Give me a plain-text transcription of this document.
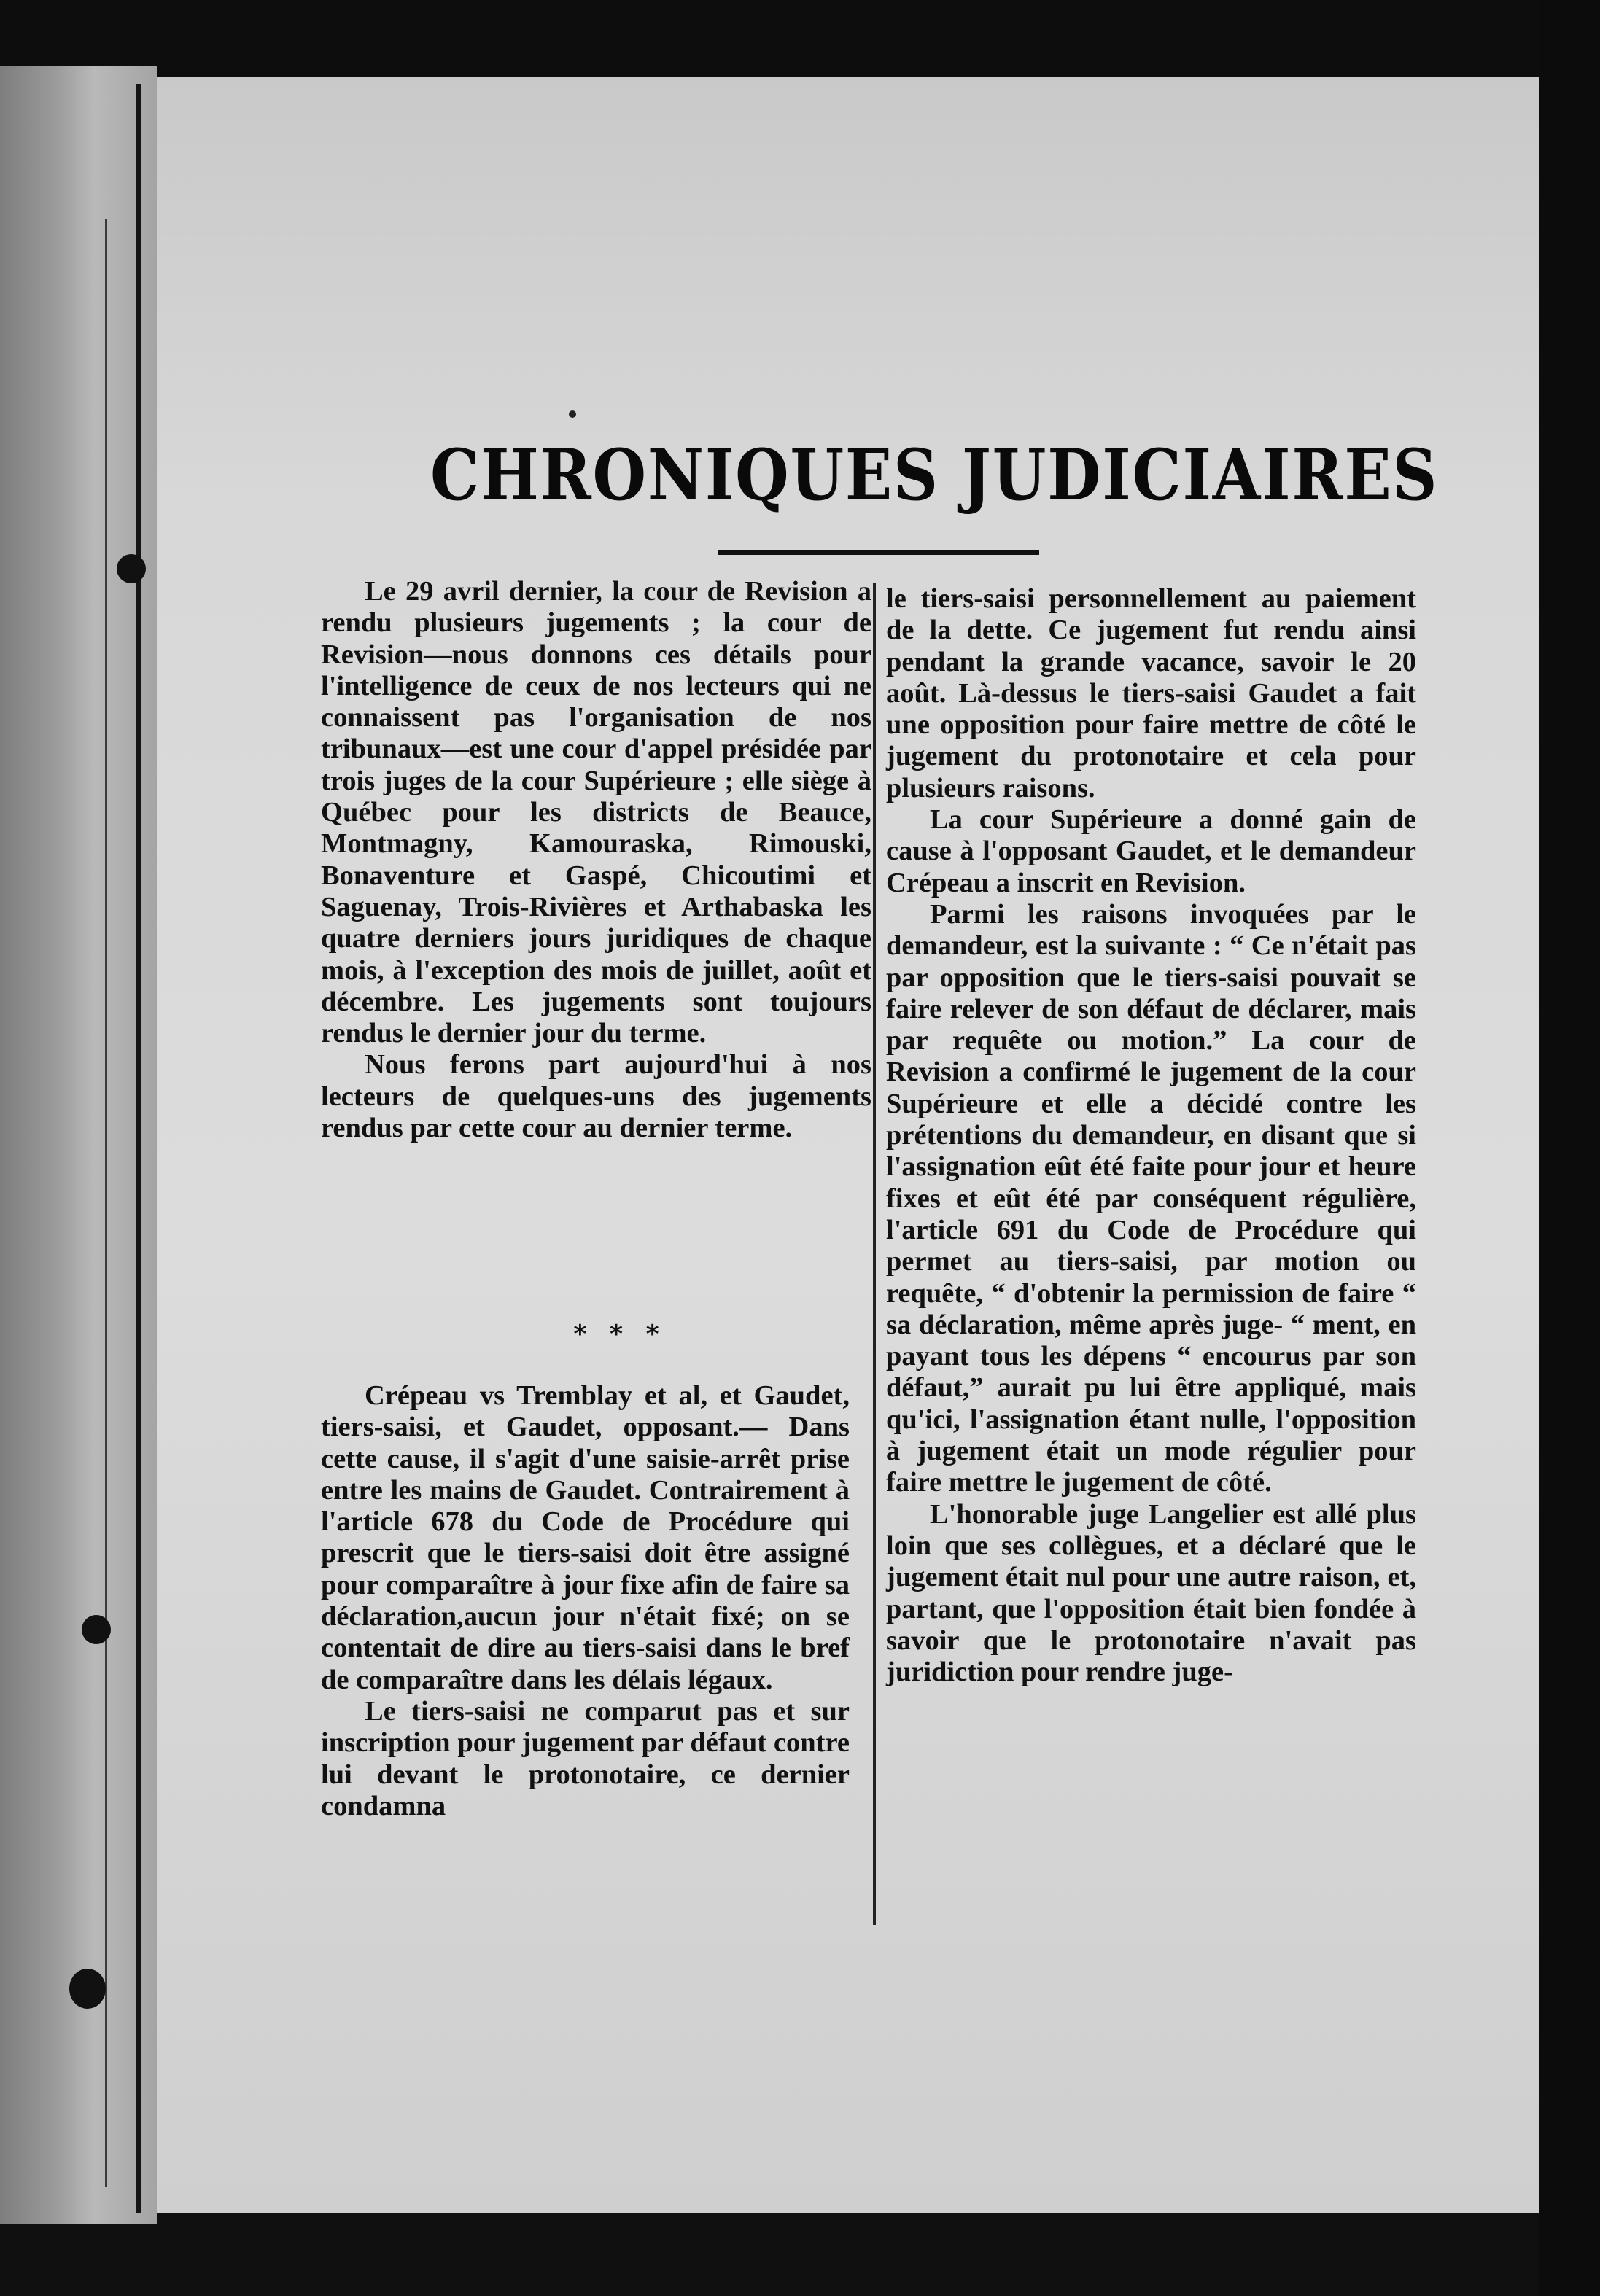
CHRONIQUES JUDICIAIRES

Le 29 avril dernier, la cour de Revision a rendu plusieurs jugements ; la cour de Revision—nous donnons ces détails pour l'intelligence de ceux de nos lecteurs qui ne connaissent pas l'organisation de nos tribunaux—est une cour d'appel présidée par trois juges de la cour Supérieure ; elle siège à Québec pour les districts de Beauce, Montmagny, Kamouraska, Rimouski, Bonaventure et Gaspé, Chicoutimi et Saguenay, Trois-Rivières et Arthabaska les quatre derniers jours juridiques de chaque mois, à l'exception des mois de juillet, août et décembre. Les jugements sont toujours rendus le dernier jour du terme.

Nous ferons part aujourd'hui à nos lecteurs de quelques-uns des jugements rendus par cette cour au dernier terme.

* * *

Crépeau vs Tremblay et al, et Gaudet, tiers-saisi, et Gaudet, opposant.— Dans cette cause, il s'agit d'une saisie-arrêt prise entre les mains de Gaudet. Contrairement à l'article 678 du Code de Procédure qui prescrit que le tiers-saisi doit être assigné pour comparaître à jour fixe afin de faire sa déclaration,aucun jour n'était fixé; on se contentait de dire au tiers-saisi dans le bref de comparaître dans les délais légaux.

Le tiers-saisi ne comparut pas et sur inscription pour jugement par défaut contre lui devant le protonotaire, ce dernier condamna

le tiers-saisi personnellement au paiement de la dette. Ce jugement fut rendu ainsi pendant la grande vacance, savoir le 20 août. Là-dessus le tiers-saisi Gaudet a fait une opposition pour faire mettre de côté le jugement du protonotaire et cela pour plusieurs raisons.

La cour Supérieure a donné gain de cause à l'opposant Gaudet, et le demandeur Crépeau a inscrit en Revision.

Parmi les raisons invoquées par le demandeur, est la suivante : “ Ce n'était pas par opposition que le tiers-saisi pouvait se faire relever de son défaut de déclarer, mais par requête ou motion.” La cour de Revision a confirmé le jugement de la cour Supérieure et elle a décidé contre les prétentions du demandeur, en disant que si l'assignation eût été faite pour jour et heure fixes et eût été par conséquent régulière, l'article 691 du Code de Procédure qui permet au tiers-saisi, par motion ou requête, “ d'obtenir la permission de faire “ sa déclaration, même après juge- “ ment, en payant tous les dépens “ encourus par son défaut,” aurait pu lui être appliqué, mais qu'ici, l'assignation étant nulle, l'opposition à jugement était un mode régulier pour faire mettre le jugement de côté.

L'honorable juge Langelier est allé plus loin que ses collègues, et a déclaré que le jugement était nul pour une autre raison, et, partant, que l'opposition était bien fondée à savoir que le protonotaire n'avait pas juridiction pour rendre juge-
